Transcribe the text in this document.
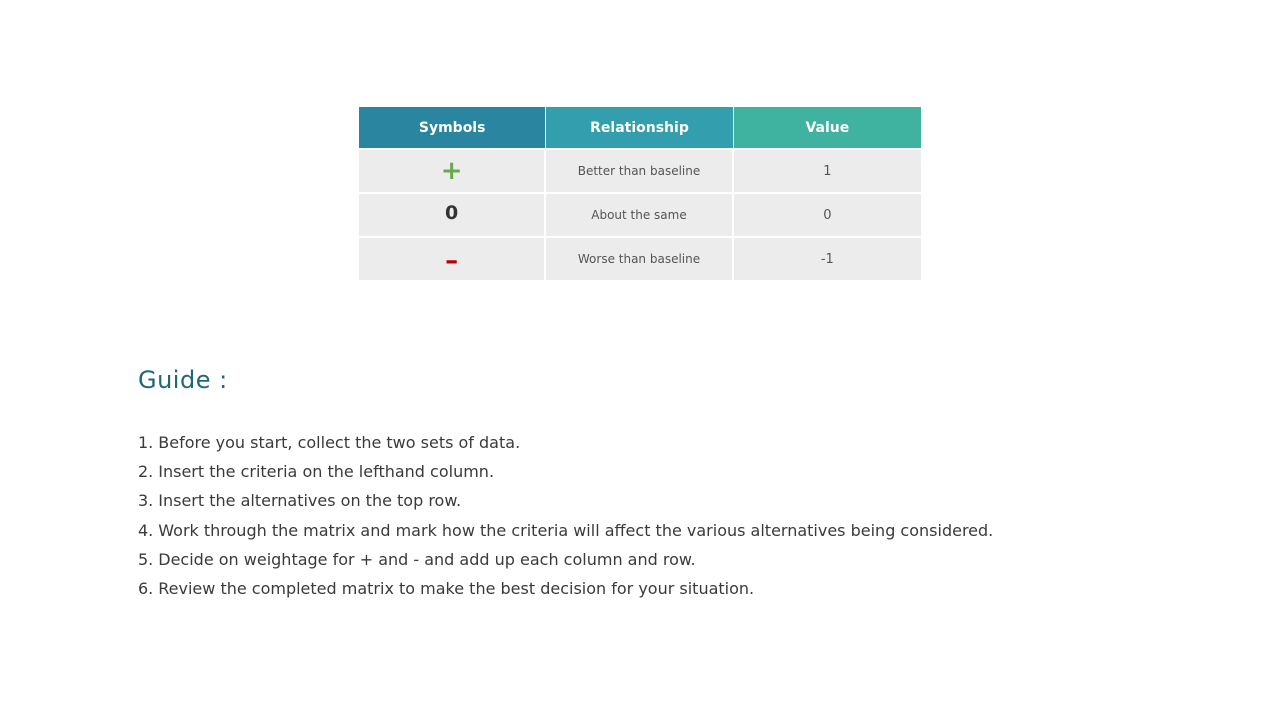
Symbols	Relationship	Value
+	Better than baseline	1
0	About the same	0
–	Worse than baseline	-1
Guide :
1. Before you start, collect the two sets of data.
2. Insert the criteria on the lefthand column.
3. Insert the alternatives on the top row.
4. Work through the matrix and mark how the criteria will affect the various alternatives being considered.
5. Decide on weightage for + and - and add up each column and row.
6. Review the completed matrix to make the best decision for your situation.
